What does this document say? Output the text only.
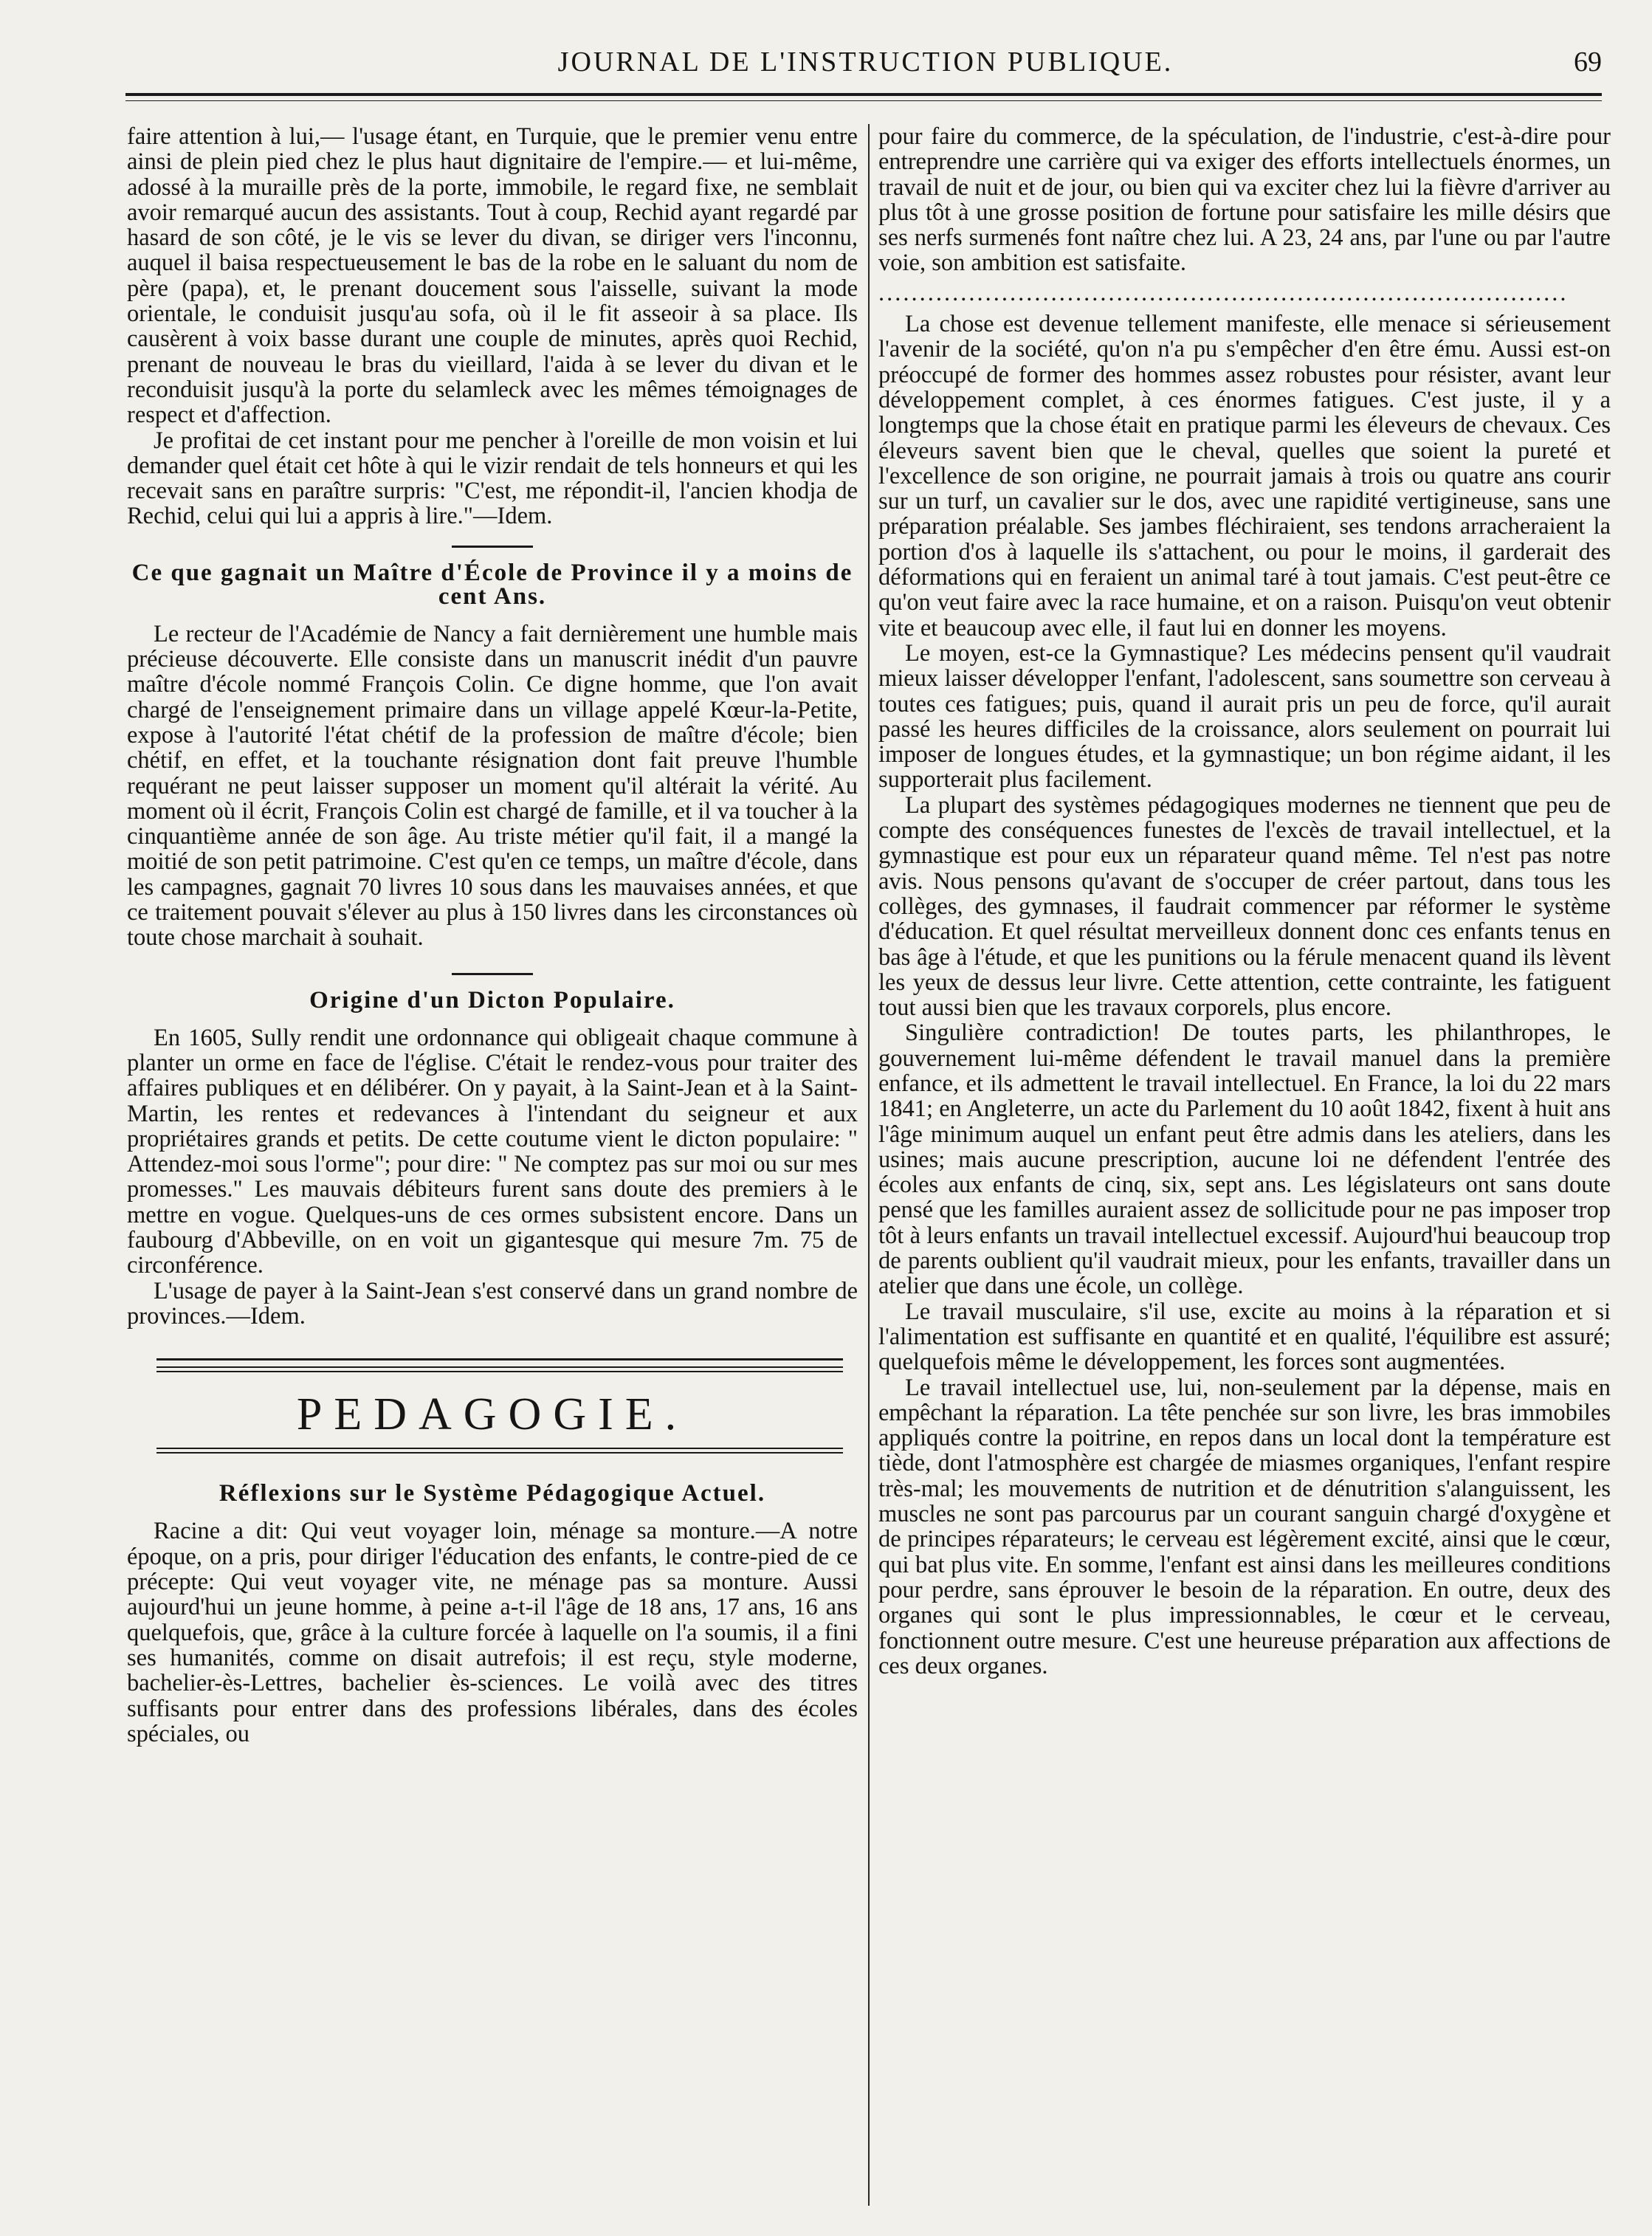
JOURNAL DE L'INSTRUCTION PUBLIQUE.	69

faire attention à lui,— l'usage étant, en Turquie, que le premier venu entre ainsi de plein pied chez le plus haut dignitaire de l'empire.— et lui-même, adossé à la muraille près de la porte, immobile, le regard fixe, ne semblait avoir remarqué aucun des assistants. Tout à coup, Rechid ayant regardé par hasard de son côté, je le vis se lever du divan, se diriger vers l'inconnu, auquel il baisa respectueusement le bas de la robe en le saluant du nom de père (papa), et, le prenant doucement sous l'aisselle, suivant la mode orientale, le conduisit jusqu'au sofa, où il le fit asseoir à sa place. Ils causèrent à voix basse durant une couple de minutes, après quoi Rechid, prenant de nouveau le bras du vieillard, l'aida à se lever du divan et le reconduisit jusqu'à la porte du selamleck avec les mêmes témoignages de respect et d'affection.

Je profitai de cet instant pour me pencher à l'oreille de mon voisin et lui demander quel était cet hôte à qui le vizir rendait de tels honneurs et qui les recevait sans en paraître surpris: "C'est, me répondit-il, l'ancien khodja de Rechid, celui qui lui a appris à lire."—Idem.

Ce que gagnait un Maître d'École de Province il y a moins de cent Ans.

Le recteur de l'Académie de Nancy a fait dernièrement une humble mais précieuse découverte. Elle consiste dans un manuscrit inédit d'un pauvre maître d'école nommé François Colin. Ce digne homme, que l'on avait chargé de l'enseignement primaire dans un village appelé Kœur-la-Petite, expose à l'autorité l'état chétif de la profession de maître d'école; bien chétif, en effet, et la touchante résignation dont fait preuve l'humble requérant ne peut laisser supposer un moment qu'il altérait la vérité. Au moment où il écrit, François Colin est chargé de famille, et il va toucher à la cinquantième année de son âge. Au triste métier qu'il fait, il a mangé la moitié de son petit patrimoine. C'est qu'en ce temps, un maître d'école, dans les campagnes, gagnait 70 livres 10 sous dans les mauvaises années, et que ce traitement pouvait s'élever au plus à 150 livres dans les circonstances où toute chose marchait à souhait.

Origine d'un Dicton Populaire.

En 1605, Sully rendit une ordonnance qui obligeait chaque commune à planter un orme en face de l'église. C'était le rendez-vous pour traiter des affaires publiques et en délibérer. On y payait, à la Saint-Jean et à la Saint-Martin, les rentes et redevances à l'intendant du seigneur et aux propriétaires grands et petits. De cette coutume vient le dicton populaire: " Attendez-moi sous l'orme"; pour dire: " Ne comptez pas sur moi ou sur mes promesses." Les mauvais débiteurs furent sans doute des premiers à le mettre en vogue. Quelques-uns de ces ormes subsistent encore. Dans un faubourg d'Abbeville, on en voit un gigantesque qui mesure 7m. 75 de circonférence.

L'usage de payer à la Saint-Jean s'est conservé dans un grand nombre de provinces.—Idem.

PEDAGOGIE.
Réflexions sur le Système Pédagogique Actuel.

Racine a dit: Qui veut voyager loin, ménage sa monture.—A notre époque, on a pris, pour diriger l'éducation des enfants, le contre-pied de ce précepte: Qui veut voyager vite, ne ménage pas sa monture. Aussi aujourd'hui un jeune homme, à peine a-t-il l'âge de 18 ans, 17 ans, 16 ans quelquefois, que, grâce à la culture forcée à laquelle on l'a soumis, il a fini ses humanités, comme on disait autrefois; il est reçu, style moderne, bachelier-ès-Lettres, bachelier ès-sciences. Le voilà avec des titres suffisants pour entrer dans des professions libérales, dans des écoles spéciales, ou

pour faire du commerce, de la spéculation, de l'industrie, c'est-à-dire pour entreprendre une carrière qui va exiger des efforts intellectuels énormes, un travail de nuit et de jour, ou bien qui va exciter chez lui la fièvre d'arriver au plus tôt à une grosse position de fortune pour satisfaire les mille désirs que ses nerfs surmenés font naître chez lui. A 23, 24 ans, par l'une ou par l'autre voie, son ambition est satisfaite.

....................................................................................

La chose est devenue tellement manifeste, elle menace si sérieusement l'avenir de la société, qu'on n'a pu s'empêcher d'en être ému. Aussi est-on préoccupé de former des hommes assez robustes pour résister, avant leur développement complet, à ces énormes fatigues. C'est juste, il y a longtemps que la chose était en pratique parmi les éleveurs de chevaux. Ces éleveurs savent bien que le cheval, quelles que soient la pureté et l'excellence de son origine, ne pourrait jamais à trois ou quatre ans courir sur un turf, un cavalier sur le dos, avec une rapidité vertigineuse, sans une préparation préalable. Ses jambes fléchiraient, ses tendons arracheraient la portion d'os à laquelle ils s'attachent, ou pour le moins, il garderait des déformations qui en feraient un animal taré à tout jamais. C'est peut-être ce qu'on veut faire avec la race humaine, et on a raison. Puisqu'on veut obtenir vite et beaucoup avec elle, il faut lui en donner les moyens.

Le moyen, est-ce la Gymnastique? Les médecins pensent qu'il vaudrait mieux laisser développer l'enfant, l'adolescent, sans soumettre son cerveau à toutes ces fatigues; puis, quand il aurait pris un peu de force, qu'il aurait passé les heures difficiles de la croissance, alors seulement on pourrait lui imposer de longues études, et la gymnastique; un bon régime aidant, il les supporterait plus facilement.

La plupart des systèmes pédagogiques modernes ne tiennent que peu de compte des conséquences funestes de l'excès de travail intellectuel, et la gymnastique est pour eux un réparateur quand même. Tel n'est pas notre avis. Nous pensons qu'avant de s'occuper de créer partout, dans tous les collèges, des gymnases, il faudrait commencer par réformer le système d'éducation. Et quel résultat merveilleux donnent donc ces enfants tenus en bas âge à l'étude, et que les punitions ou la férule menacent quand ils lèvent les yeux de dessus leur livre. Cette attention, cette contrainte, les fatiguent tout aussi bien que les travaux corporels, plus encore.

Singulière contradiction! De toutes parts, les philanthropes, le gouvernement lui-même défendent le travail manuel dans la première enfance, et ils admettent le travail intellectuel. En France, la loi du 22 mars 1841; en Angleterre, un acte du Parlement du 10 août 1842, fixent à huit ans l'âge minimum auquel un enfant peut être admis dans les ateliers, dans les usines; mais aucune prescription, aucune loi ne défendent l'entrée des écoles aux enfants de cinq, six, sept ans. Les législateurs ont sans doute pensé que les familles auraient assez de sollicitude pour ne pas imposer trop tôt à leurs enfants un travail intellectuel excessif. Aujourd'hui beaucoup trop de parents oublient qu'il vaudrait mieux, pour les enfants, travailler dans un atelier que dans une école, un collège.

Le travail musculaire, s'il use, excite au moins à la réparation et si l'alimentation est suffisante en quantité et en qualité, l'équilibre est assuré; quelquefois même le développement, les forces sont augmentées.

Le travail intellectuel use, lui, non-seulement par la dépense, mais en empêchant la réparation. La tête penchée sur son livre, les bras immobiles appliqués contre la poitrine, en repos dans un local dont la température est tiède, dont l'atmosphère est chargée de miasmes organiques, l'enfant respire très-mal; les mouvements de nutrition et de dénutrition s'alanguissent, les muscles ne sont pas parcourus par un courant sanguin chargé d'oxygène et de principes réparateurs; le cerveau est légèrement excité, ainsi que le cœur, qui bat plus vite. En somme, l'enfant est ainsi dans les meilleures conditions pour perdre, sans éprouver le besoin de la réparation. En outre, deux des organes qui sont le plus impressionnables, le cœur et le cerveau, fonctionnent outre mesure. C'est une heureuse préparation aux affections de ces deux organes.
